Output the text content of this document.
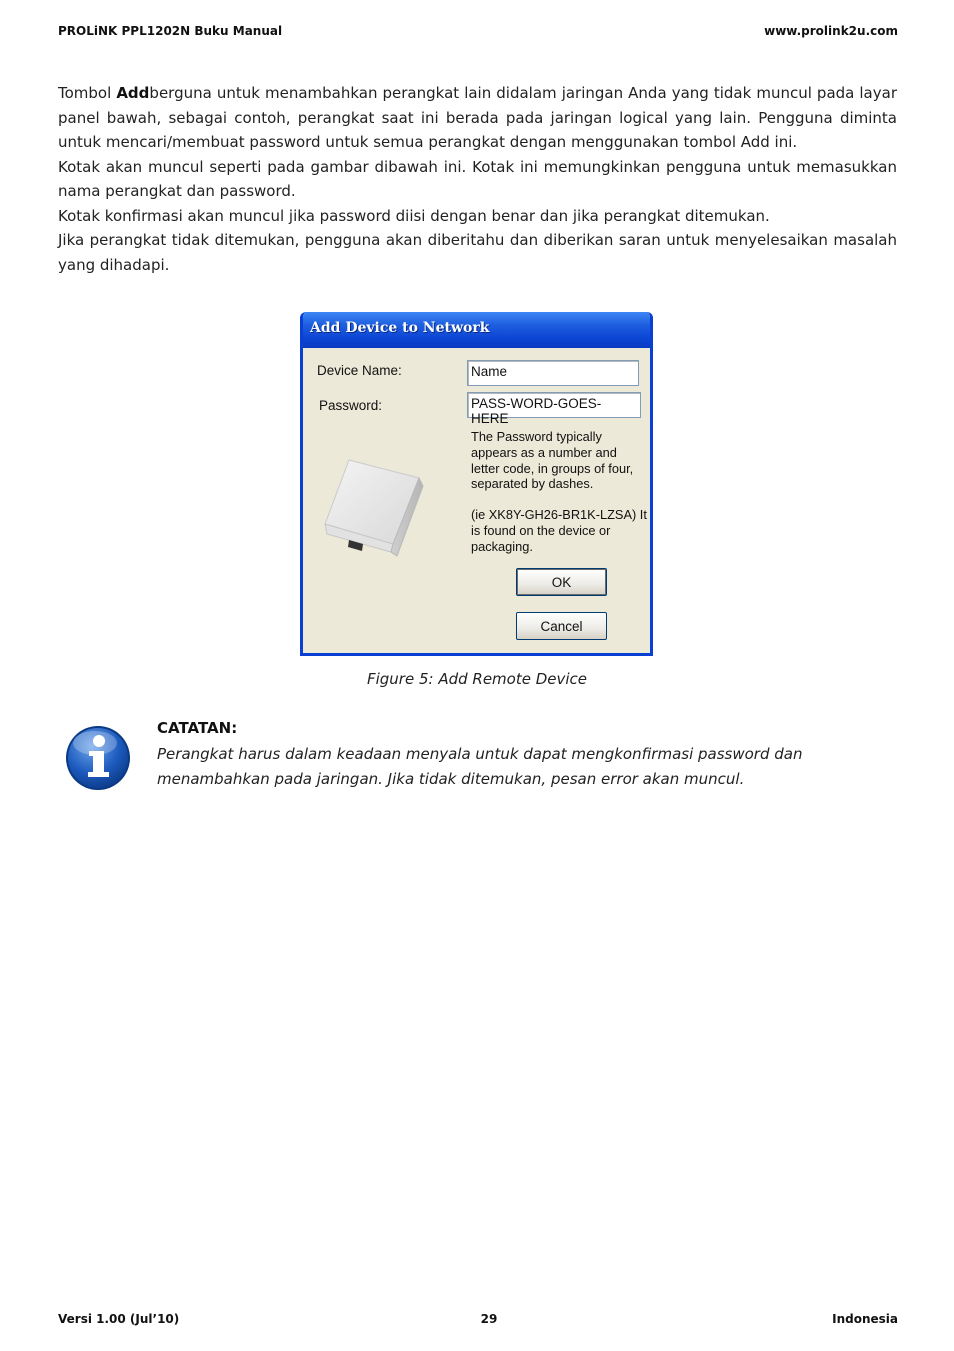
PROLiNK PPL1202N Buku Manual	www.prolink2u.com

Tombol Addberguna untuk menambahkan perangkat lain didalam jaringan Anda yang tidak muncul pada layar panel bawah, sebagai contoh, perangkat saat ini berada pada jaringan logical yang lain. Pengguna diminta untuk mencari/membuat password untuk semua perangkat dengan menggunakan tombol Add ini.

Kotak akan muncul seperti pada gambar dibawah ini. Kotak ini memungkinkan pengguna untuk memasukkan nama perangkat dan password.

Kotak konfirmasi akan muncul jika password diisi dengan benar dan jika perangkat ditemukan.

Jika perangkat tidak ditemukan, pengguna akan diberitahu dan diberikan saran untuk menyelesaikan masalah yang dihadapi.

Add Device to Network
Device Name:	Name
Password:	PASS-WORD-GOES-HERE

The Password typically appears as a number and letter code, in groups of four, separated by dashes.

(ie XK8Y-GH26-BR1K-LZSA) It is found on the device or packaging.

OK
Cancel
Figure 5: Add Remote Device
CATATAN:
Perangkat harus dalam keadaan menyala untuk dapat mengkonfirmasi password dan menambahkan pada jaringan. Jika tidak ditemukan, pesan error akan muncul.
Versi 1.00 (Jul’10)	29	Indonesia
